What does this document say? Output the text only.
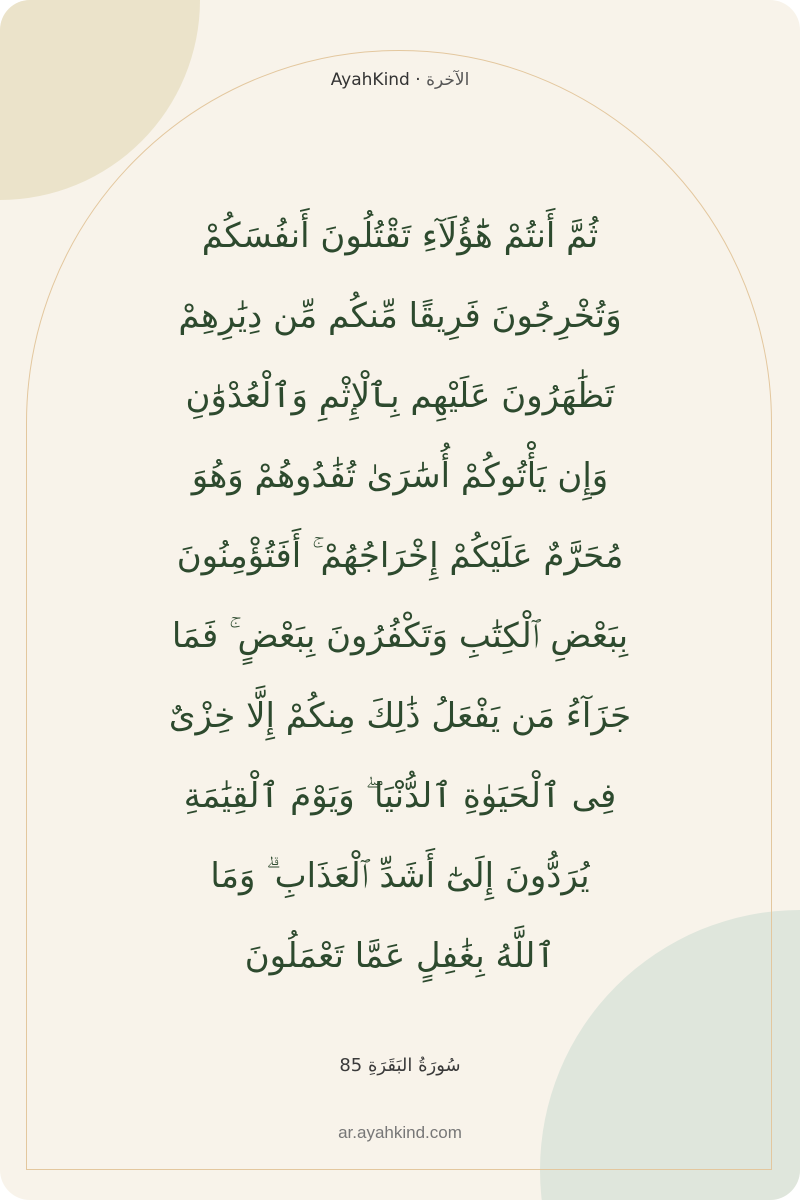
AyahKind · الآخرة
ثُمَّ أَنتُمْ هَٰٓؤُلَآءِ تَقْتُلُونَ أَنفُسَكُمْ
وَتُخْرِجُونَ فَرِيقًا مِّنكُم مِّن دِيَٰرِهِمْ
تَظَٰهَرُونَ عَلَيْهِم بِٱلْإِثْمِ وَٱلْعُدْوَٰنِ
وَإِن يَأْتُوكُمْ أُسَٰرَىٰ تُفَٰدُوهُمْ وَهُوَ
مُحَرَّمٌ عَلَيْكُمْ إِخْرَاجُهُمْ ۚ أَفَتُؤْمِنُونَ
بِبَعْضِ ٱلْكِتَٰبِ وَتَكْفُرُونَ بِبَعْضٍ ۚ فَمَا
جَزَآءُ مَن يَفْعَلُ ذَٰلِكَ مِنكُمْ إِلَّا خِزْىٌ
فِى ٱلْحَيَوٰةِ ٱلدُّنْيَا ۖ وَيَوْمَ ٱلْقِيَٰمَةِ
يُرَدُّونَ إِلَىٰٓ أَشَدِّ ٱلْعَذَابِ ۗ وَمَا
ٱللَّهُ بِغَٰفِلٍ عَمَّا تَعْمَلُونَ
سُورَةُ البَقَرَةِ 85
ar.ayahkind.com
